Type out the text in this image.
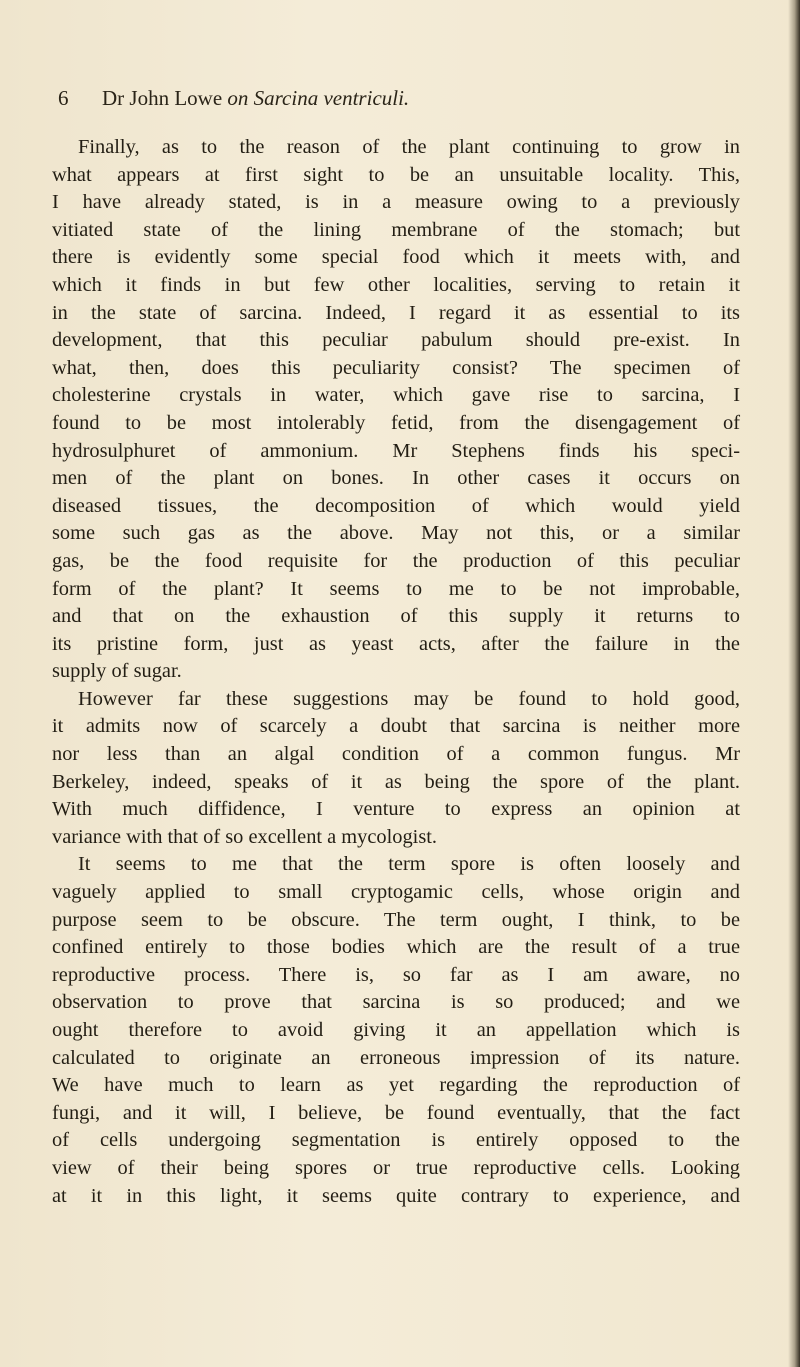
6 Dr John Lowe on Sarcina ventriculi.
Finally, as to the reason of the plant continuing to grow in
what appears at first sight to be an unsuitable locality. This,
I have already stated, is in a measure owing to a previously
vitiated state of the lining membrane of the stomach; but
there is evidently some special food which it meets with, and
which it finds in but few other localities, serving to retain it
in the state of sarcina. Indeed, I regard it as essential to its
development, that this peculiar pabulum should pre-exist. In
what, then, does this peculiarity consist? The specimen of
cholesterine crystals in water, which gave rise to sarcina, I
found to be most intolerably fetid, from the disengagement of
hydrosulphuret of ammonium. Mr Stephens finds his speci-
men of the plant on bones. In other cases it occurs on
diseased tissues, the decomposition of which would yield
some such gas as the above. May not this, or a similar
gas, be the food requisite for the production of this peculiar
form of the plant? It seems to me to be not improbable,
and that on the exhaustion of this supply it returns to
its pristine form, just as yeast acts, after the failure in the
supply of sugar.
However far these suggestions may be found to hold good,
it admits now of scarcely a doubt that sarcina is neither more
nor less than an algal condition of a common fungus. Mr
Berkeley, indeed, speaks of it as being the spore of the plant.
With much diffidence, I venture to express an opinion at
variance with that of so excellent a mycologist.
It seems to me that the term spore is often loosely and
vaguely applied to small cryptogamic cells, whose origin and
purpose seem to be obscure. The term ought, I think, to be
confined entirely to those bodies which are the result of a true
reproductive process. There is, so far as I am aware, no
observation to prove that sarcina is so produced; and we
ought therefore to avoid giving it an appellation which is
calculated to originate an erroneous impression of its nature.
We have much to learn as yet regarding the reproduction of
fungi, and it will, I believe, be found eventually, that the fact
of cells undergoing segmentation is entirely opposed to the
view of their being spores or true reproductive cells. Looking
at it in this light, it seems quite contrary to experience, and
